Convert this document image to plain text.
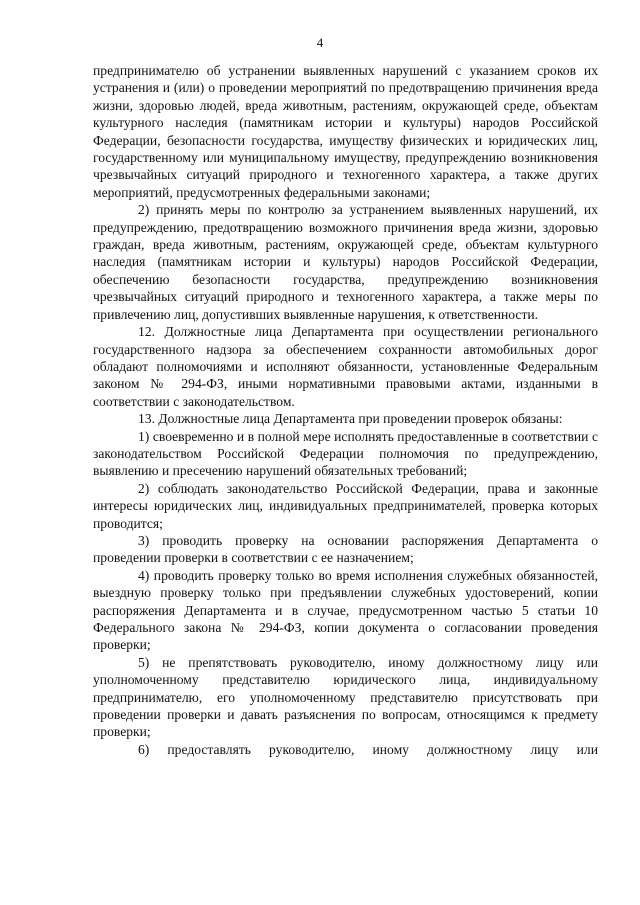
4

предпринимателю об устранении выявленных нарушений с указанием сроков их устранения и (или) о проведении мероприятий по предотвращению причинения вреда жизни, здоровью людей, вреда животным, растениям, окружающей среде, объектам культурного наследия (памятникам истории и культуры) народов Российской Федерации, безопасности государства, имуществу физических и юридических лиц, государственному или муниципальному имуществу, предупреждению возникновения чрезвычайных ситуаций природного и техногенного характера, а также других мероприятий, предусмотренных федеральными законами;

2) принять меры по контролю за устранением выявленных нарушений, их предупреждению, предотвращению возможного причинения вреда жизни, здоровью граждан, вреда животным, растениям, окружающей среде, объектам культурного наследия (памятникам истории и культуры) народов Российской Федерации, обеспечению безопасности государства, предупреждению возникновения чрезвычайных ситуаций природного и техногенного характера, а также меры по привлечению лиц, допустивших выявленные нарушения, к ответственности.

12. Должностные лица Департамента при осуществлении регионального государственного надзора за обеспечением сохранности автомобильных дорог обладают полномочиями и исполняют обязанности, установленные Федеральным законом № 294-ФЗ, иными нормативными правовыми актами, изданными в соответствии с законодательством.

13. Должностные лица Департамента при проведении проверок обязаны:

1) своевременно и в полной мере исполнять предоставленные в соответствии с законодательством Российской Федерации полномочия по предупреждению, выявлению и пресечению нарушений обязательных требований;

2) соблюдать законодательство Российской Федерации, права и законные интересы юридических лиц, индивидуальных предпринимателей, проверка которых проводится;

3) проводить проверку на основании распоряжения Департамента о проведении проверки в соответствии с ее назначением;

4) проводить проверку только во время исполнения служебных обязанностей, выездную проверку только при предъявлении служебных удостоверений, копии распоряжения Департамента и в случае, предусмотренном частью 5 статьи 10 Федерального закона № 294-ФЗ, копии документа о согласовании проведения проверки;

5) не препятствовать руководителю, иному должностному лицу или уполномоченному представителю юридического лица, индивидуальному предпринимателю, его уполномоченному представителю присутствовать при проведении проверки и давать разъяснения по вопросам, относящимся к предмету проверки;

6) предоставлять руководителю, иному должностному лицу или
